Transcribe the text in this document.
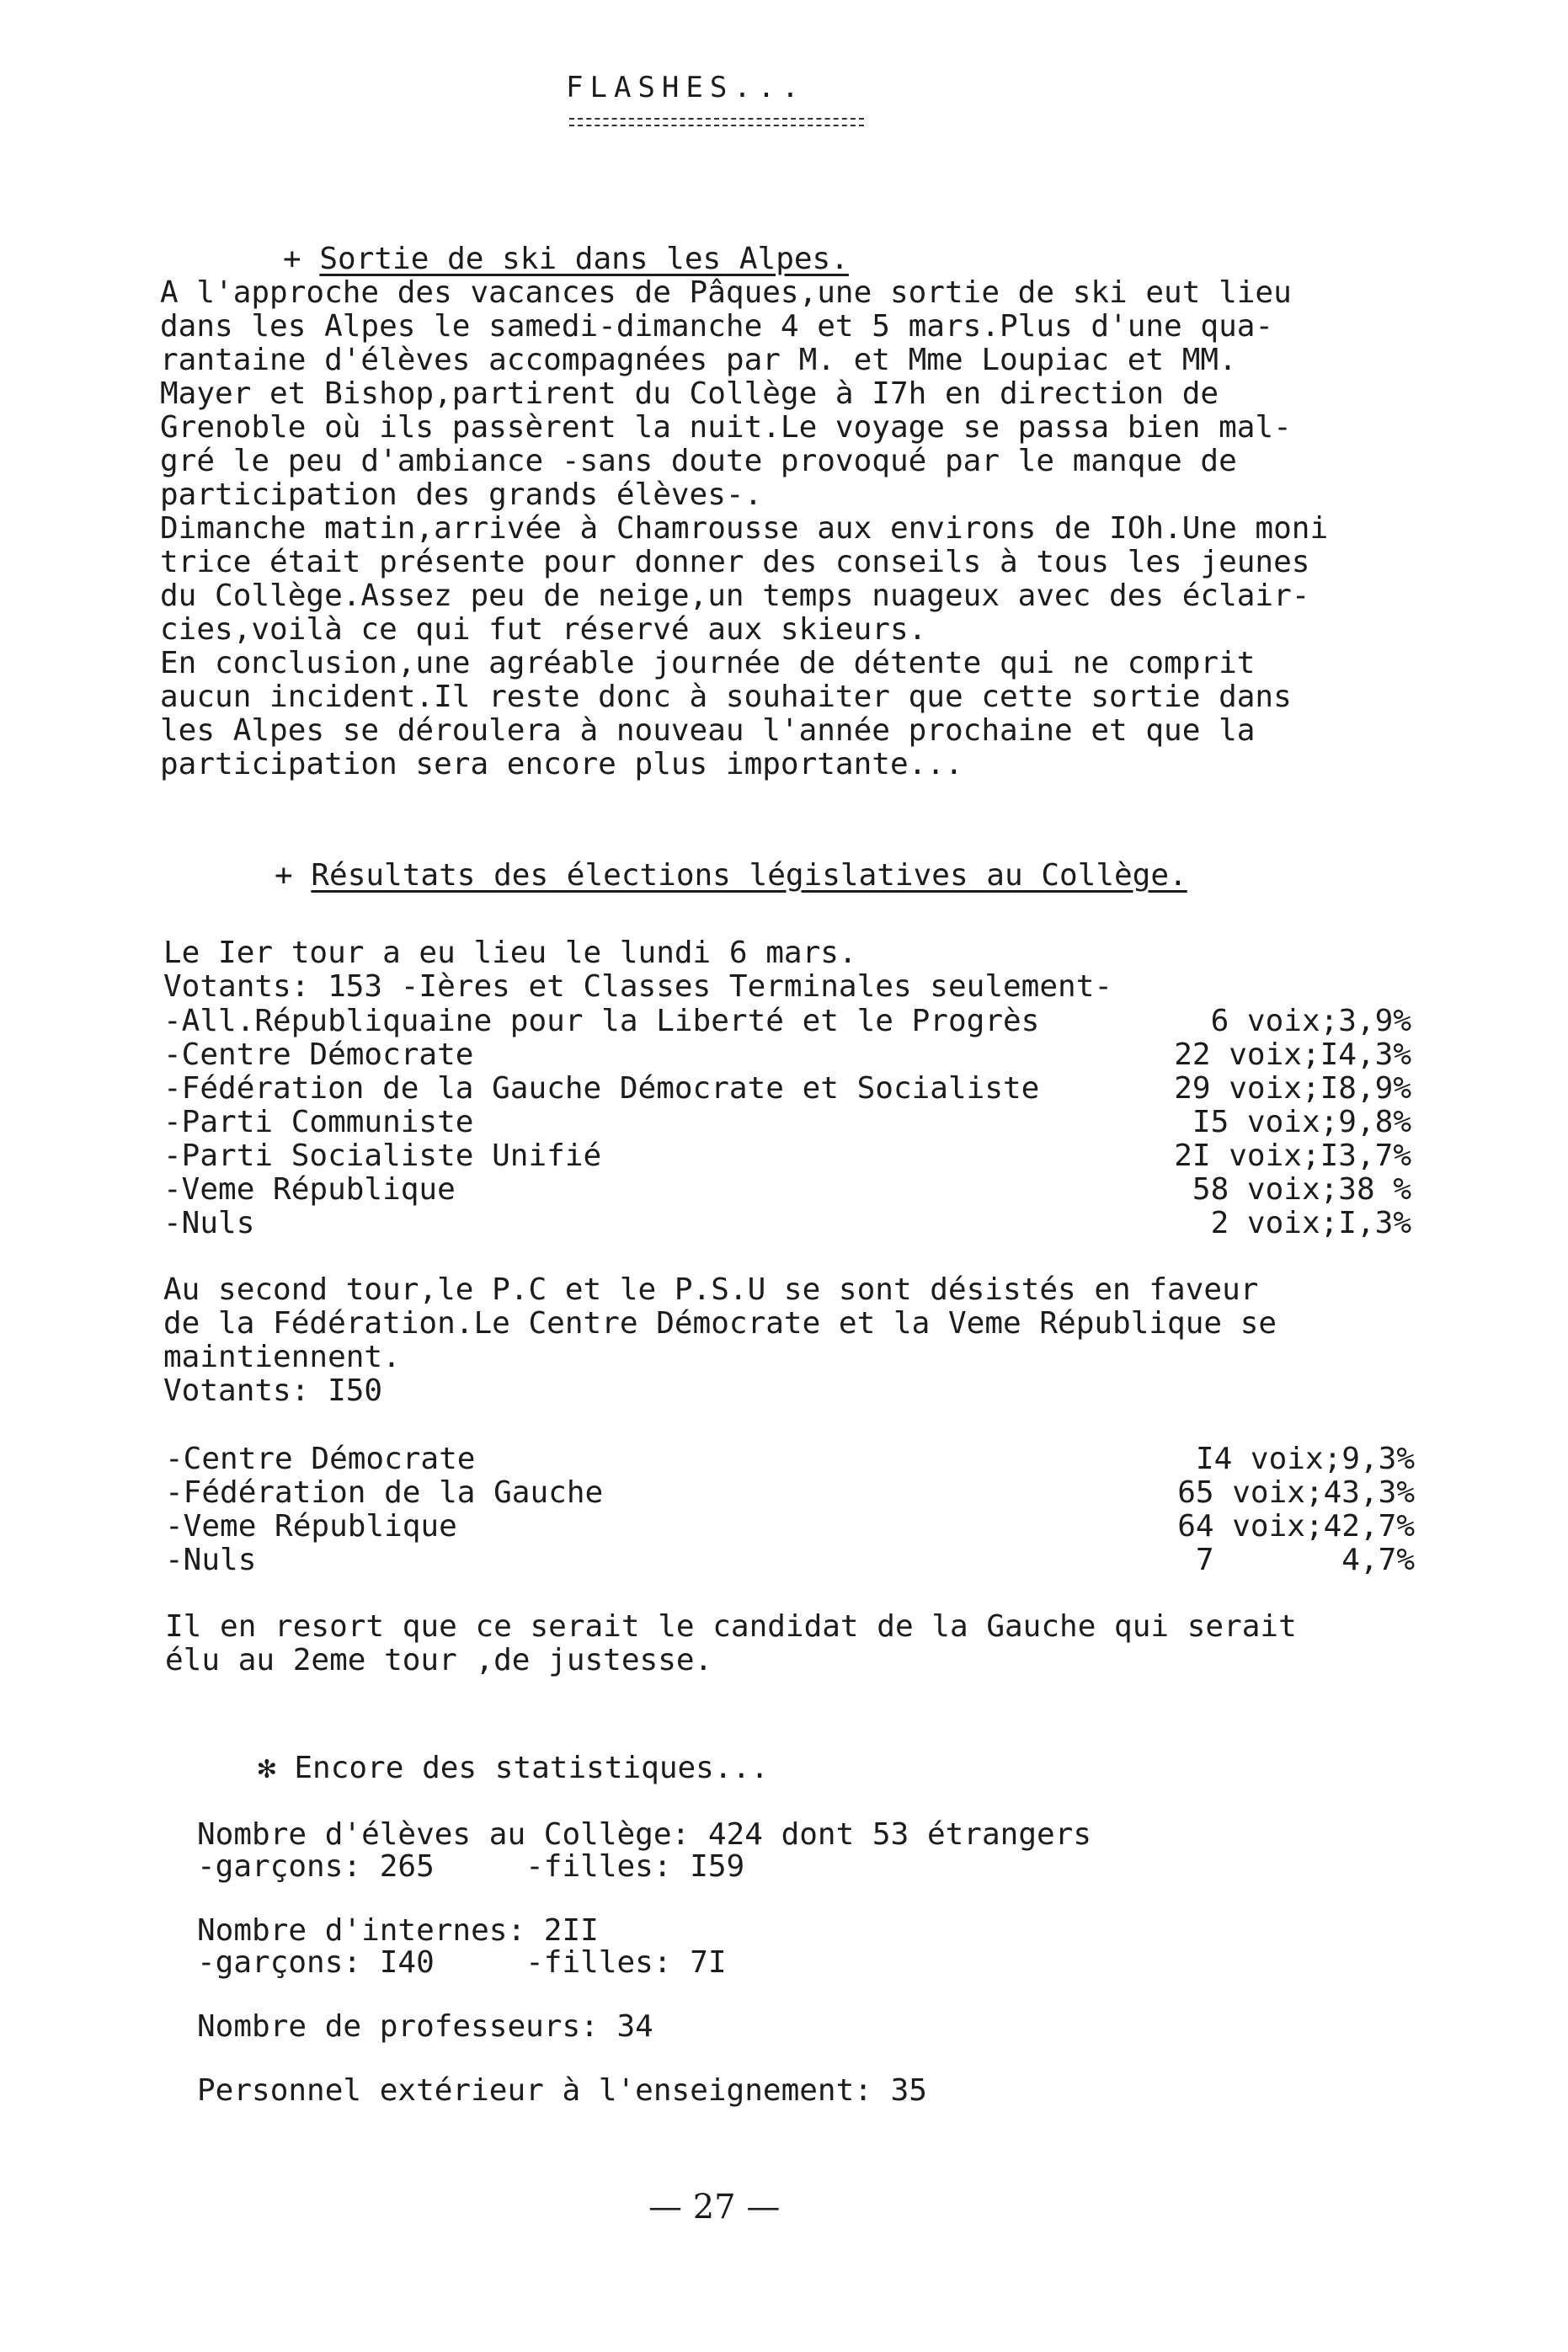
FLASHES...
+ Sortie de ski dans les Alpes.
A l'approche des vacances de Pâques,une sortie de ski eut lieu
dans les Alpes le samedi-dimanche 4 et 5 mars.Plus d'une qua-
rantaine d'élèves accompagnées par M. et Mme Loupiac et MM.
Mayer et Bishop,partirent du Collège à I7h en direction de
Grenoble où ils passèrent la nuit.Le voyage se passa bien mal-
gré le peu d'ambiance -sans doute provoqué par le manque de
participation des grands élèves-.
Dimanche matin,arrivée à Chamrousse aux environs de IOh.Une moni
trice était présente pour donner des conseils à tous les jeunes
du Collège.Assez peu de neige,un temps nuageux avec des éclair-
cies,voilà ce qui fut réservé aux skieurs.
En conclusion,une agréable journée de détente qui ne comprit
aucun incident.Il reste donc à souhaiter que cette sortie dans
les Alpes se déroulera à nouveau l'année prochaine et que la
participation sera encore plus importante...
+ Résultats des élections législatives au Collège.
Le Ier tour a eu lieu le lundi 6 mars.
Votants: 153 -Ières et Classes Terminales seulement-
-All.Républiquaine pour la Liberté et le Progrès	6 voix;3,9%
-Centre Démocrate	22 voix;I4,3%
-Fédération de la Gauche Démocrate et Socialiste	29 voix;I8,9%
-Parti Communiste	I5 voix;9,8%
-Parti Socialiste Unifié	2I voix;I3,7%
-Veme République	58 voix;38 %
-Nuls	2 voix;I,3%
Au second tour,le P.C et le P.S.U se sont désistés en faveur
de la Fédération.Le Centre Démocrate et la Veme République se
maintiennent.
Votants: I50
-Centre Démocrate	I4 voix;9,3%
-Fédération de la Gauche	65 voix;43,3%
-Veme République	64 voix;42,7%
-Nuls	7       4,7%
Il en resort que ce serait le candidat de la Gauche qui serait
élu au 2eme tour ,de justesse.
✻ Encore des statistiques...
Nombre d'élèves au Collège: 424 dont 53 étrangers
-garçons: 265     -filles: I59

Nombre d'internes: 2II
-garçons: I40     -filles: 7I

Nombre de professeurs: 34

Personnel extérieur à l'enseignement: 35
— 27 —
